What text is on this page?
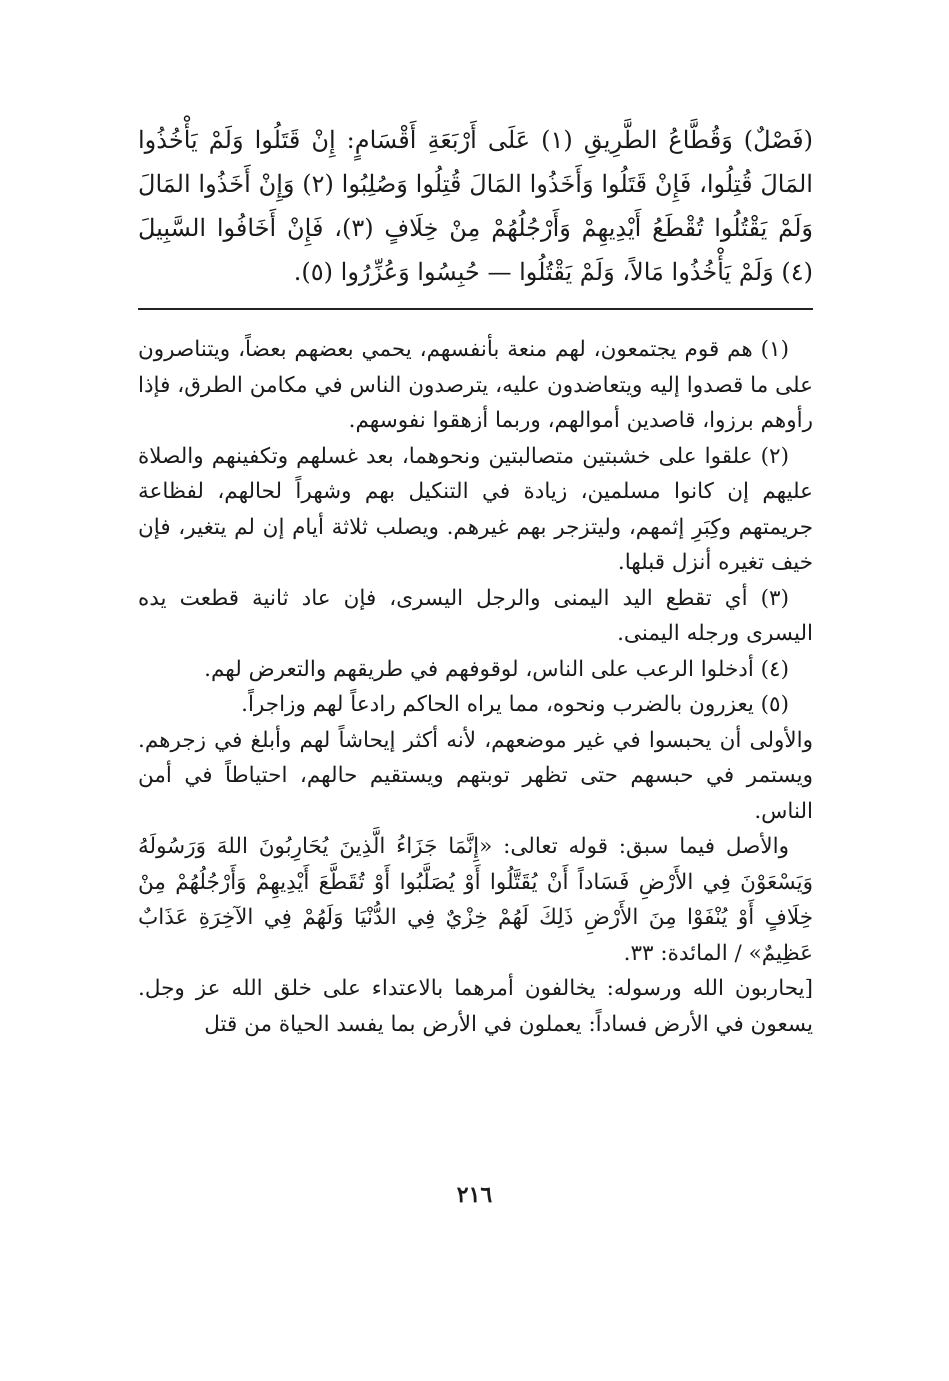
(فَصْلٌ) وَقُطَّاعُ الطَّرِيقِ (١) عَلَى أَرْبَعَةِ أَقْسَامٍ: إِنْ قَتَلُوا وَلَمْ يَأْخُذُوا المَالَ قُتِلُوا، فَإِنْ قَتَلُوا وَأَخَذُوا المَالَ قُتِلُوا وَصُلِبُوا (٢) وَإِنْ أَخَذُوا المَالَ وَلَمْ يَقْتُلُوا تُقْطَعُ أَيْدِيهِمْ وَأَرْجُلُهُمْ مِنْ خِلَافٍ (٣)، فَإِنْ أَخَافُوا السَّبِيلَ (٤) وَلَمْ يَأْخُذُوا مَالاً، وَلَمْ يَقْتُلُوا — حُبِسُوا وَعُزِّرُوا (٥).

(١) هم قوم يجتمعون، لهم منعة بأنفسهم، يحمي بعضهم بعضاً، ويتناصرون على ما قصدوا إليه ويتعاضدون عليه، يترصدون الناس في مكامن الطرق، فإذا رأوهم برزوا، قاصدين أموالهم، وربما أزهقوا نفوسهم.

(٢) علقوا على خشبتين متصالبتين ونحوهما، بعد غسلهم وتكفينهم والصلاة عليهم إن كانوا مسلمين، زيادة في التنكيل بهم وشهراً لحالهم، لفظاعة جريمتهم وكِبَرِ إثمهم، وليتزجر بهم غيرهم. ويصلب ثلاثة أيام إن لم يتغير، فإن خيف تغيره أنزل قبلها.

(٣) أي تقطع اليد اليمنى والرجل اليسرى، فإن عاد ثانية قطعت يده اليسرى ورجله اليمنى.

(٤) أدخلوا الرعب على الناس، لوقوفهم في طريقهم والتعرض لهم.

(٥) يعزرون بالضرب ونحوه، مما يراه الحاكم رادعاً لهم وزاجراً.

والأولى أن يحبسوا في غير موضعهم، لأنه أكثر إيحاشاً لهم وأبلغ في زجرهم. ويستمر في حبسهم حتى تظهر توبتهم ويستقيم حالهم، احتياطاً في أمن الناس.

والأصل فيما سبق: قوله تعالى: «إِنَّمَا جَزَاءُ الَّذِينَ يُحَارِبُونَ اللهَ وَرَسُولَهُ وَيَسْعَوْنَ فِي الأَرْضِ فَسَاداً أَنْ يُقَتَّلُوا أَوْ يُصَلَّبُوا أَوْ تُقَطَّعَ أَيْدِيهِمْ وَأَرْجُلُهُمْ مِنْ خِلَافٍ أَوْ يُنْفَوْا مِنَ الأَرْضِ ذَلِكَ لَهُمْ خِزْيٌ فِي الدُّنْيَا وَلَهُمْ فِي الآخِرَةِ عَذَابٌ عَظِيمٌ» / المائدة: ٣٣.

[يحاربون الله ورسوله: يخالفون أمرهما بالاعتداء على خلق الله عز وجل. يسعون في الأرض فساداً: يعملون في الأرض بما يفسد الحياة من قتل

٢١٦
